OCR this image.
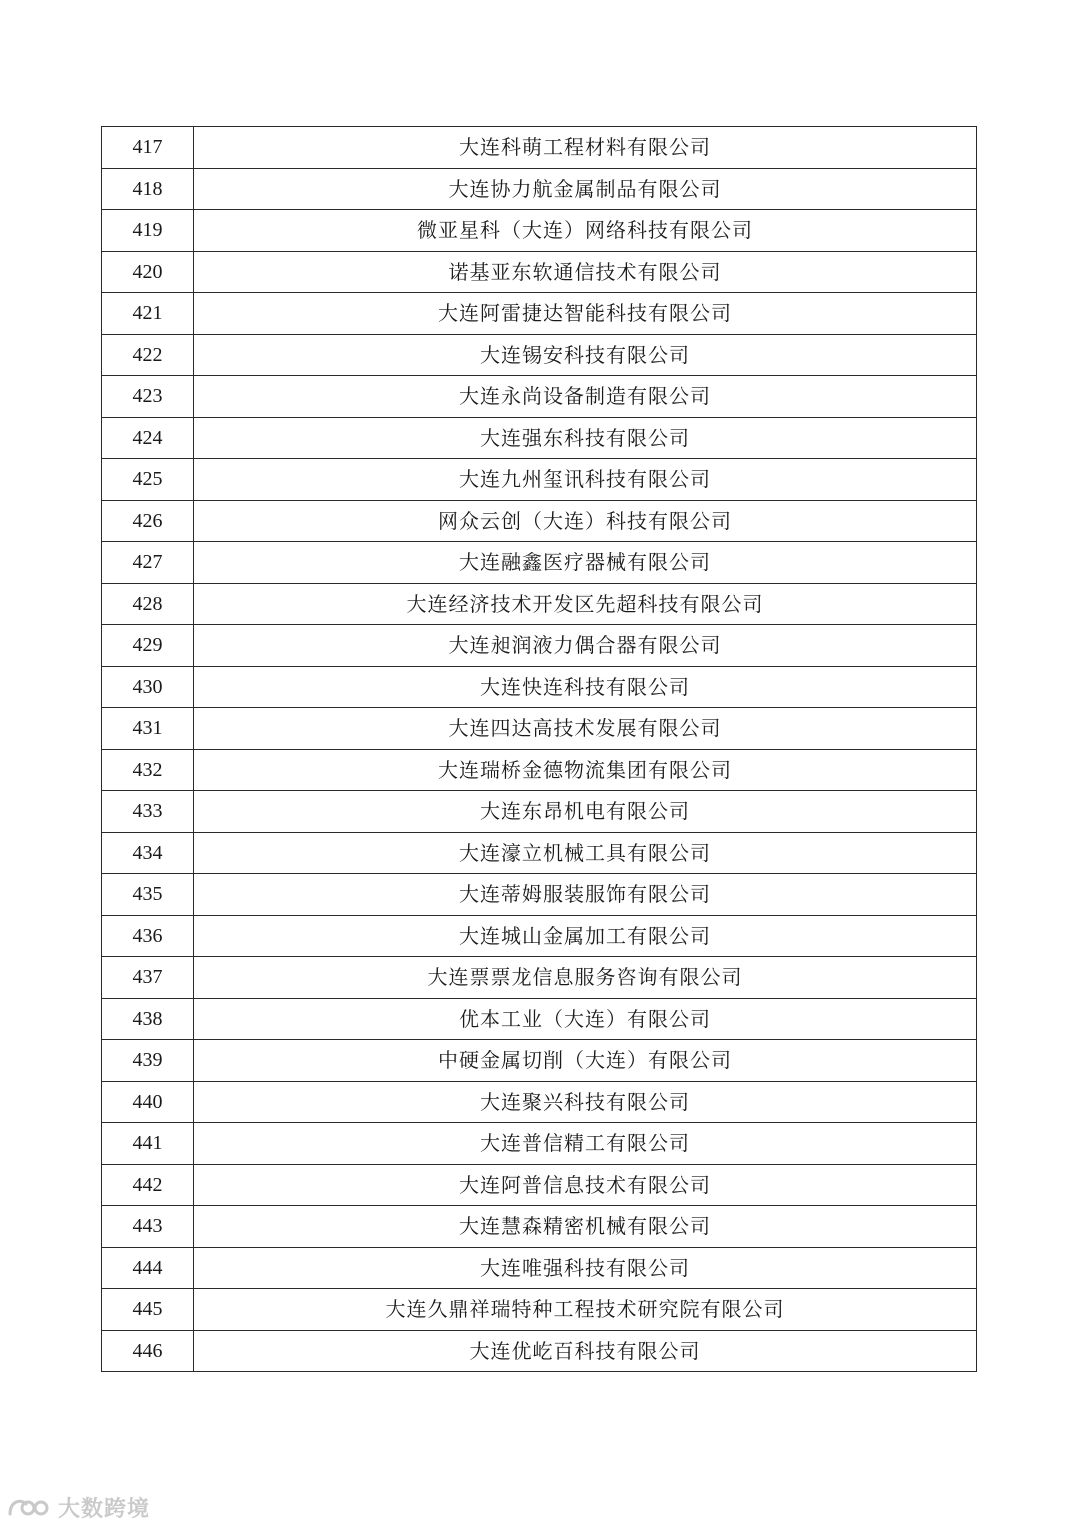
417	大连科萌工程材料有限公司
418	大连协力航金属制品有限公司
419	微亚星科（大连）网络科技有限公司
420	诺基亚东软通信技术有限公司
421	大连阿雷捷达智能科技有限公司
422	大连锡安科技有限公司
423	大连永尚设备制造有限公司
424	大连强东科技有限公司
425	大连九州玺讯科技有限公司
426	网众云创（大连）科技有限公司
427	大连融鑫医疗器械有限公司
428	大连经济技术开发区先超科技有限公司
429	大连昶润液力偶合器有限公司
430	大连快连科技有限公司
431	大连四达高技术发展有限公司
432	大连瑞桥金德物流集团有限公司
433	大连东昂机电有限公司
434	大连濠立机械工具有限公司
435	大连蒂姆服装服饰有限公司
436	大连城山金属加工有限公司
437	大连票票龙信息服务咨询有限公司
438	优本工业（大连）有限公司
439	中硬金属切削（大连）有限公司
440	大连聚兴科技有限公司
441	大连普信精工有限公司
442	大连阿普信息技术有限公司
443	大连慧森精密机械有限公司
444	大连唯强科技有限公司
445	大连久鼎祥瑞特种工程技术研究院有限公司
446	大连优屹百科技有限公司
大数跨境
